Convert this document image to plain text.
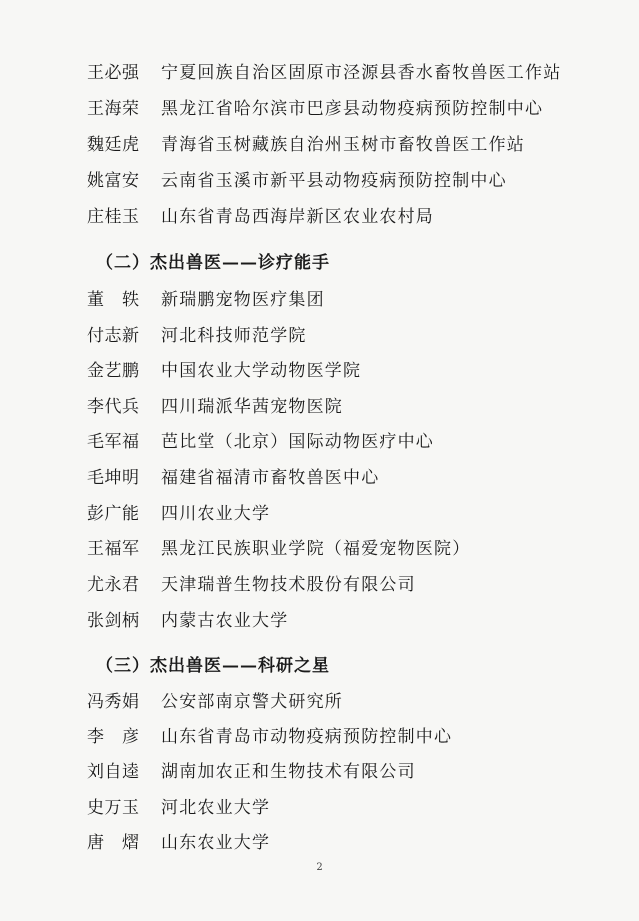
王必强 宁夏回族自治区固原市泾源县香水畜牧兽医工作站
王海荣 黑龙江省哈尔滨市巴彦县动物疫病预防控制中心
魏廷虎 青海省玉树藏族自治州玉树市畜牧兽医工作站
姚富安 云南省玉溪市新平县动物疫病预防控制中心
庄桂玉 山东省青岛西海岸新区农业农村局
（二）杰出兽医——诊疗能手
董　轶 新瑞鹏宠物医疗集团
付志新 河北科技师范学院
金艺鹏 中国农业大学动物医学院
李代兵 四川瑞派华茜宠物医院
毛军福 芭比堂（北京）国际动物医疗中心
毛坤明 福建省福清市畜牧兽医中心
彭广能 四川农业大学
王福军 黑龙江民族职业学院（福爱宠物医院）
尤永君 天津瑞普生物技术股份有限公司
张剑柄 内蒙古农业大学
（三）杰出兽医——科研之星
冯秀娟 公安部南京警犬研究所
李　彦 山东省青岛市动物疫病预防控制中心
刘自逵 湖南加农正和生物技术有限公司
史万玉 河北农业大学
唐　熠 山东农业大学
2
